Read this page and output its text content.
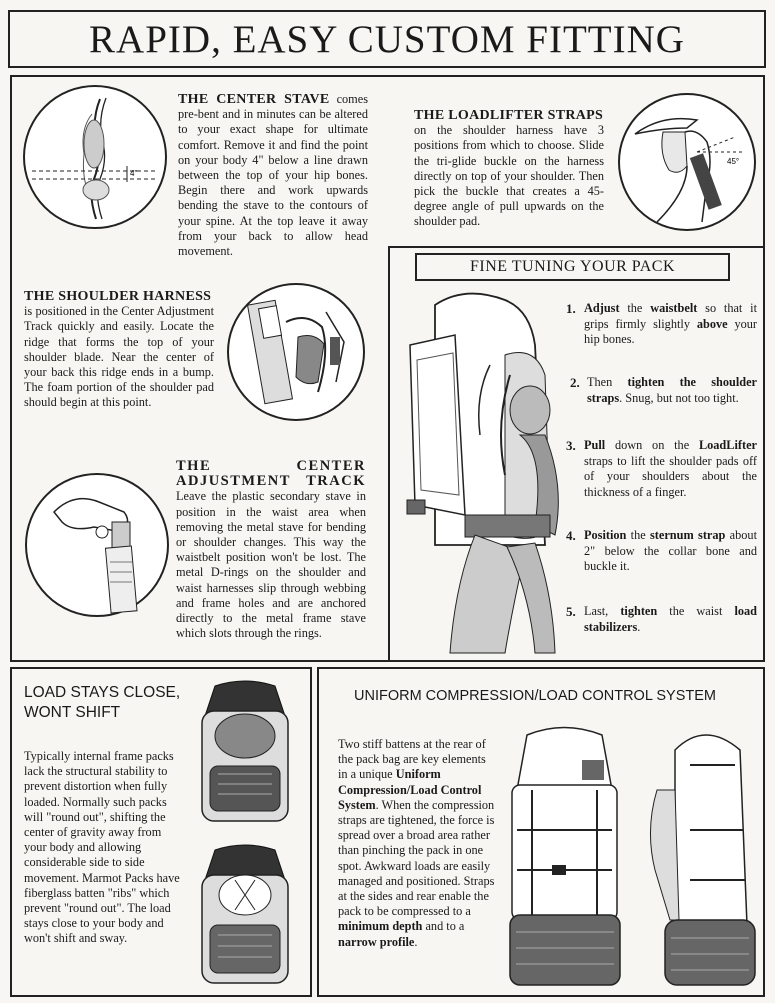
RAPID, EASY CUSTOM FITTING
4"
THE CENTER STAVE comes pre-bent and in minutes can be altered to your exact shape for ultimate comfort. Remove it and find the point on your body 4" below a line drawn between the top of your hip bones. Begin there and work upwards bending the stave to the contours of your spine. At the top leave it away from your back to allow head movement.
THE LOADLIFTER STRAPS
on the shoulder harness have 3 positions from which to choose. Slide the tri-glide buckle on the harness directly on top of your shoulder. Then pick the buckle that creates a 45-degree angle of pull upwards on the shoulder pad.
45°
FINE TUNING YOUR PACK
1. Adjust the waistbelt so that it grips firmly slightly above your hip bones.
2. Then tighten the shoulder straps. Snug, but not too tight.
3. Pull down on the LoadLifter straps to lift the shoulder pads off of your shoulders about the thickness of a finger.
4. Position the sternum strap about 2" below the collar bone and buckle it.
5. Last, tighten the waist load stabilizers.
THE SHOULDER HARNESS
is positioned in the Center Adjustment Track quickly and easily. Locate the ridge that forms the top of your shoulder blade. Near the center of your back this ridge ends in a bump. The foam portion of the shoulder pad should begin at this point.
THE CENTER ADJUSTMENT TRACK Leave the plastic secondary stave in position in the waist area when removing the metal stave for bending or shoulder changes. This way the waistbelt position won't be lost. The metal D-rings on the shoulder and waist harnesses slip through webbing and frame holes and are anchored directly to the metal frame stave which slots through the rings.
LOAD STAYS CLOSE,
WONT SHIFT
Typically internal frame packs lack the structural stability to prevent distortion when fully loaded. Normally such packs will "round out", shifting the center of gravity away from your body and allowing considerable side to side movement. Marmot Packs have fiberglass batten "ribs" which prevent "round out". The load stays close to your body and won't shift and sway.
UNIFORM COMPRESSION/LOAD CONTROL SYSTEM
Two stiff battens at the rear of the pack bag are key elements in a unique Uniform Compression/Load Control System. When the compression straps are tightened, the force is spread over a broad area rather than pinching the pack in one spot. Awkward loads are easily managed and positioned. Straps at the sides and rear enable the pack to be compressed to a minimum depth and to a narrow profile.
